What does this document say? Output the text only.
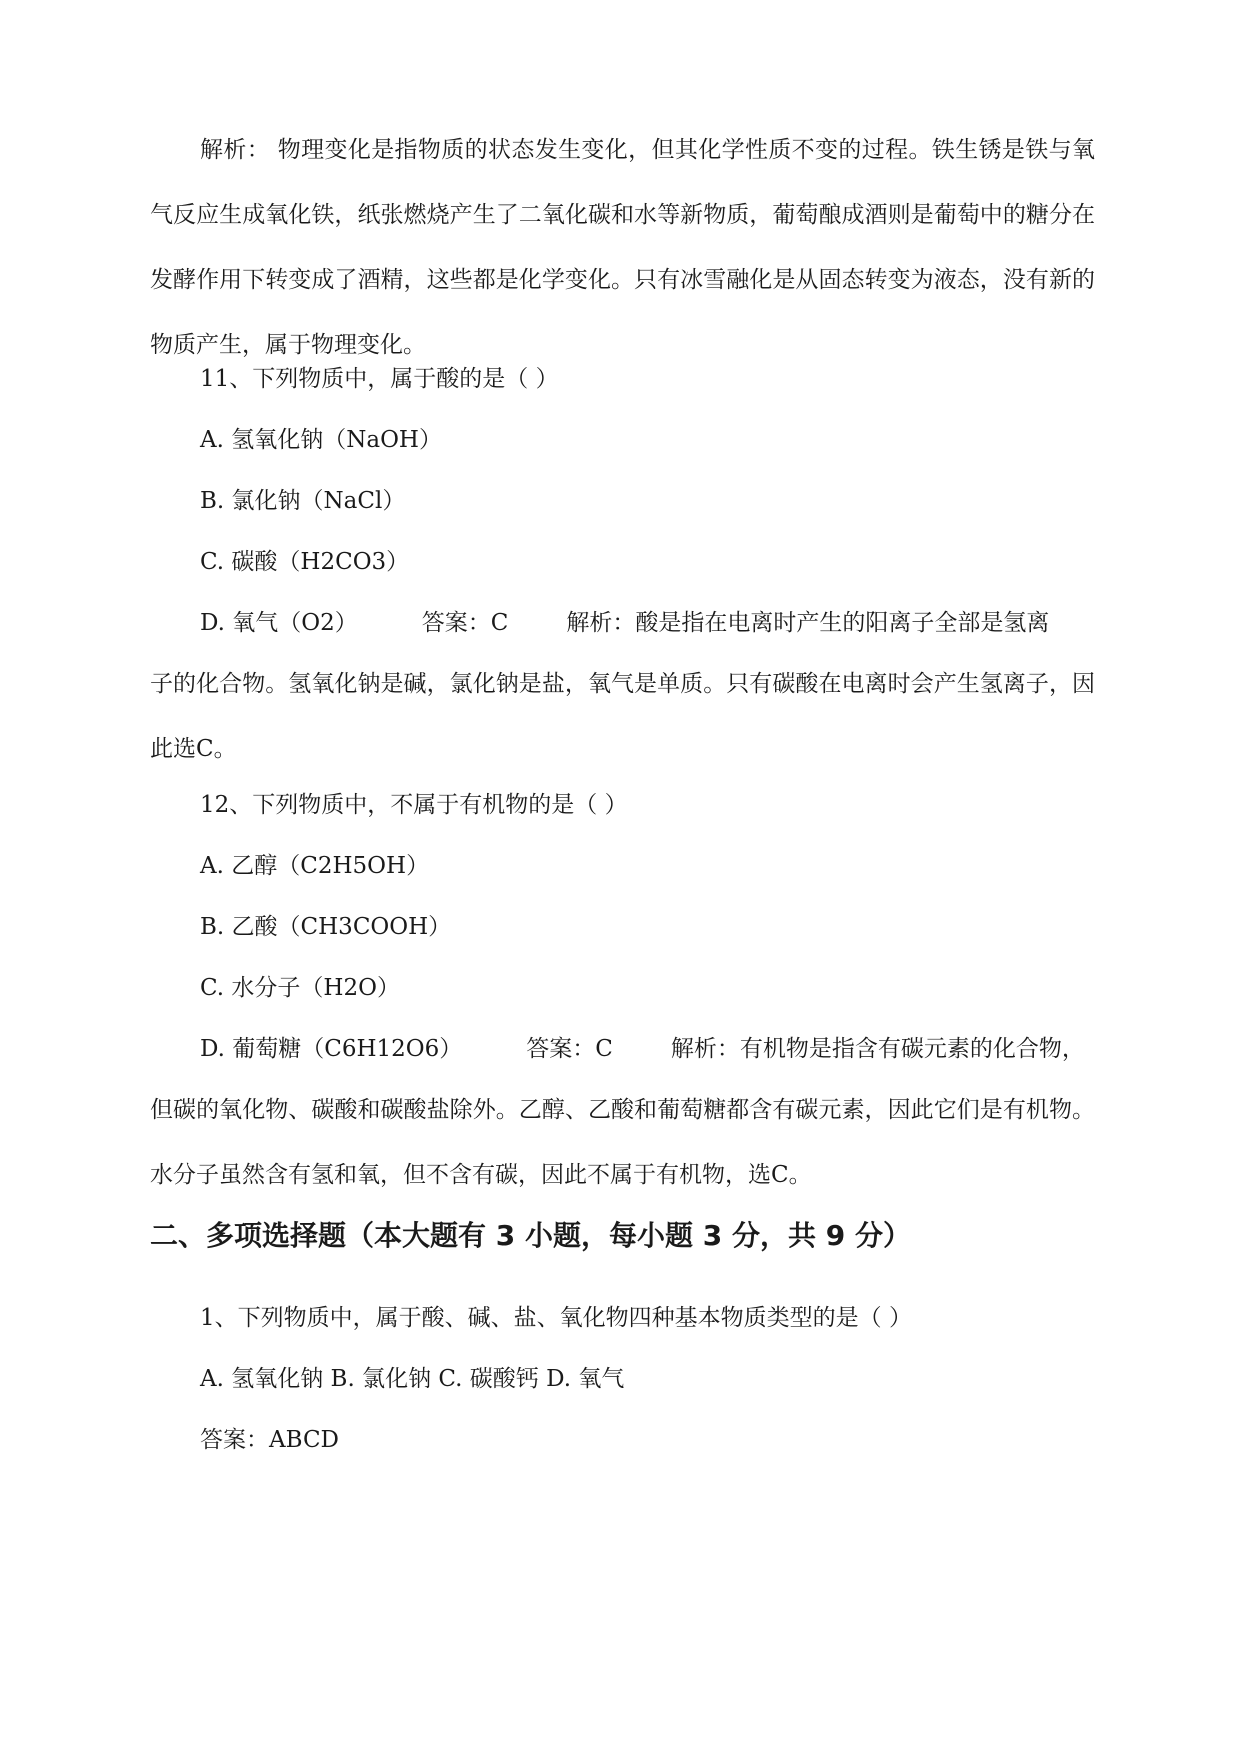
解析： 物理变化是指物质的状态发生变化，但其化学性质不变的过程。铁生锈是铁与氧气反应生成氧化铁，纸张燃烧产生了二氧化碳和水等新物质，葡萄酿成酒则是葡萄中的糖分在发酵作用下转变成了酒精，这些都是化学变化。只有冰雪融化是从固态转变为液态，没有新的物质产生，属于物理变化。

11、下列物质中，属于酸的是（ ）

A. 氢氧化钠（NaOH）

B. 氯化钠（NaCl）

C. 碳酸（H2CO3）

D. 氧气（O2）	答案：C	解析：酸是指在电离时产生的阳离子全部是氢离

子的化合物。氢氧化钠是碱，氯化钠是盐，氧气是单质。只有碳酸在电离时会产生氢离子，因此选C。

12、下列物质中，不属于有机物的是（ ）

A. 乙醇（C2H5OH）

B. 乙酸（CH3COOH）

C. 水分子（H2O）

D. 葡萄糖（C6H12O6）	答案：C	解析：有机物是指含有碳元素的化合物，

但碳的氧化物、碳酸和碳酸盐除外。乙醇、乙酸和葡萄糖都含有碳元素，因此它们是有机物。水分子虽然含有氢和氧，但不含有碳，因此不属于有机物，选C。

二、多项选择题（本大题有 3 小题，每小题 3 分，共 9 分）

1、下列物质中，属于酸、碱、盐、氧化物四种基本物质类型的是（ ）

A. 氢氧化钠 B. 氯化钠 C. 碳酸钙 D. 氧气

答案：ABCD
